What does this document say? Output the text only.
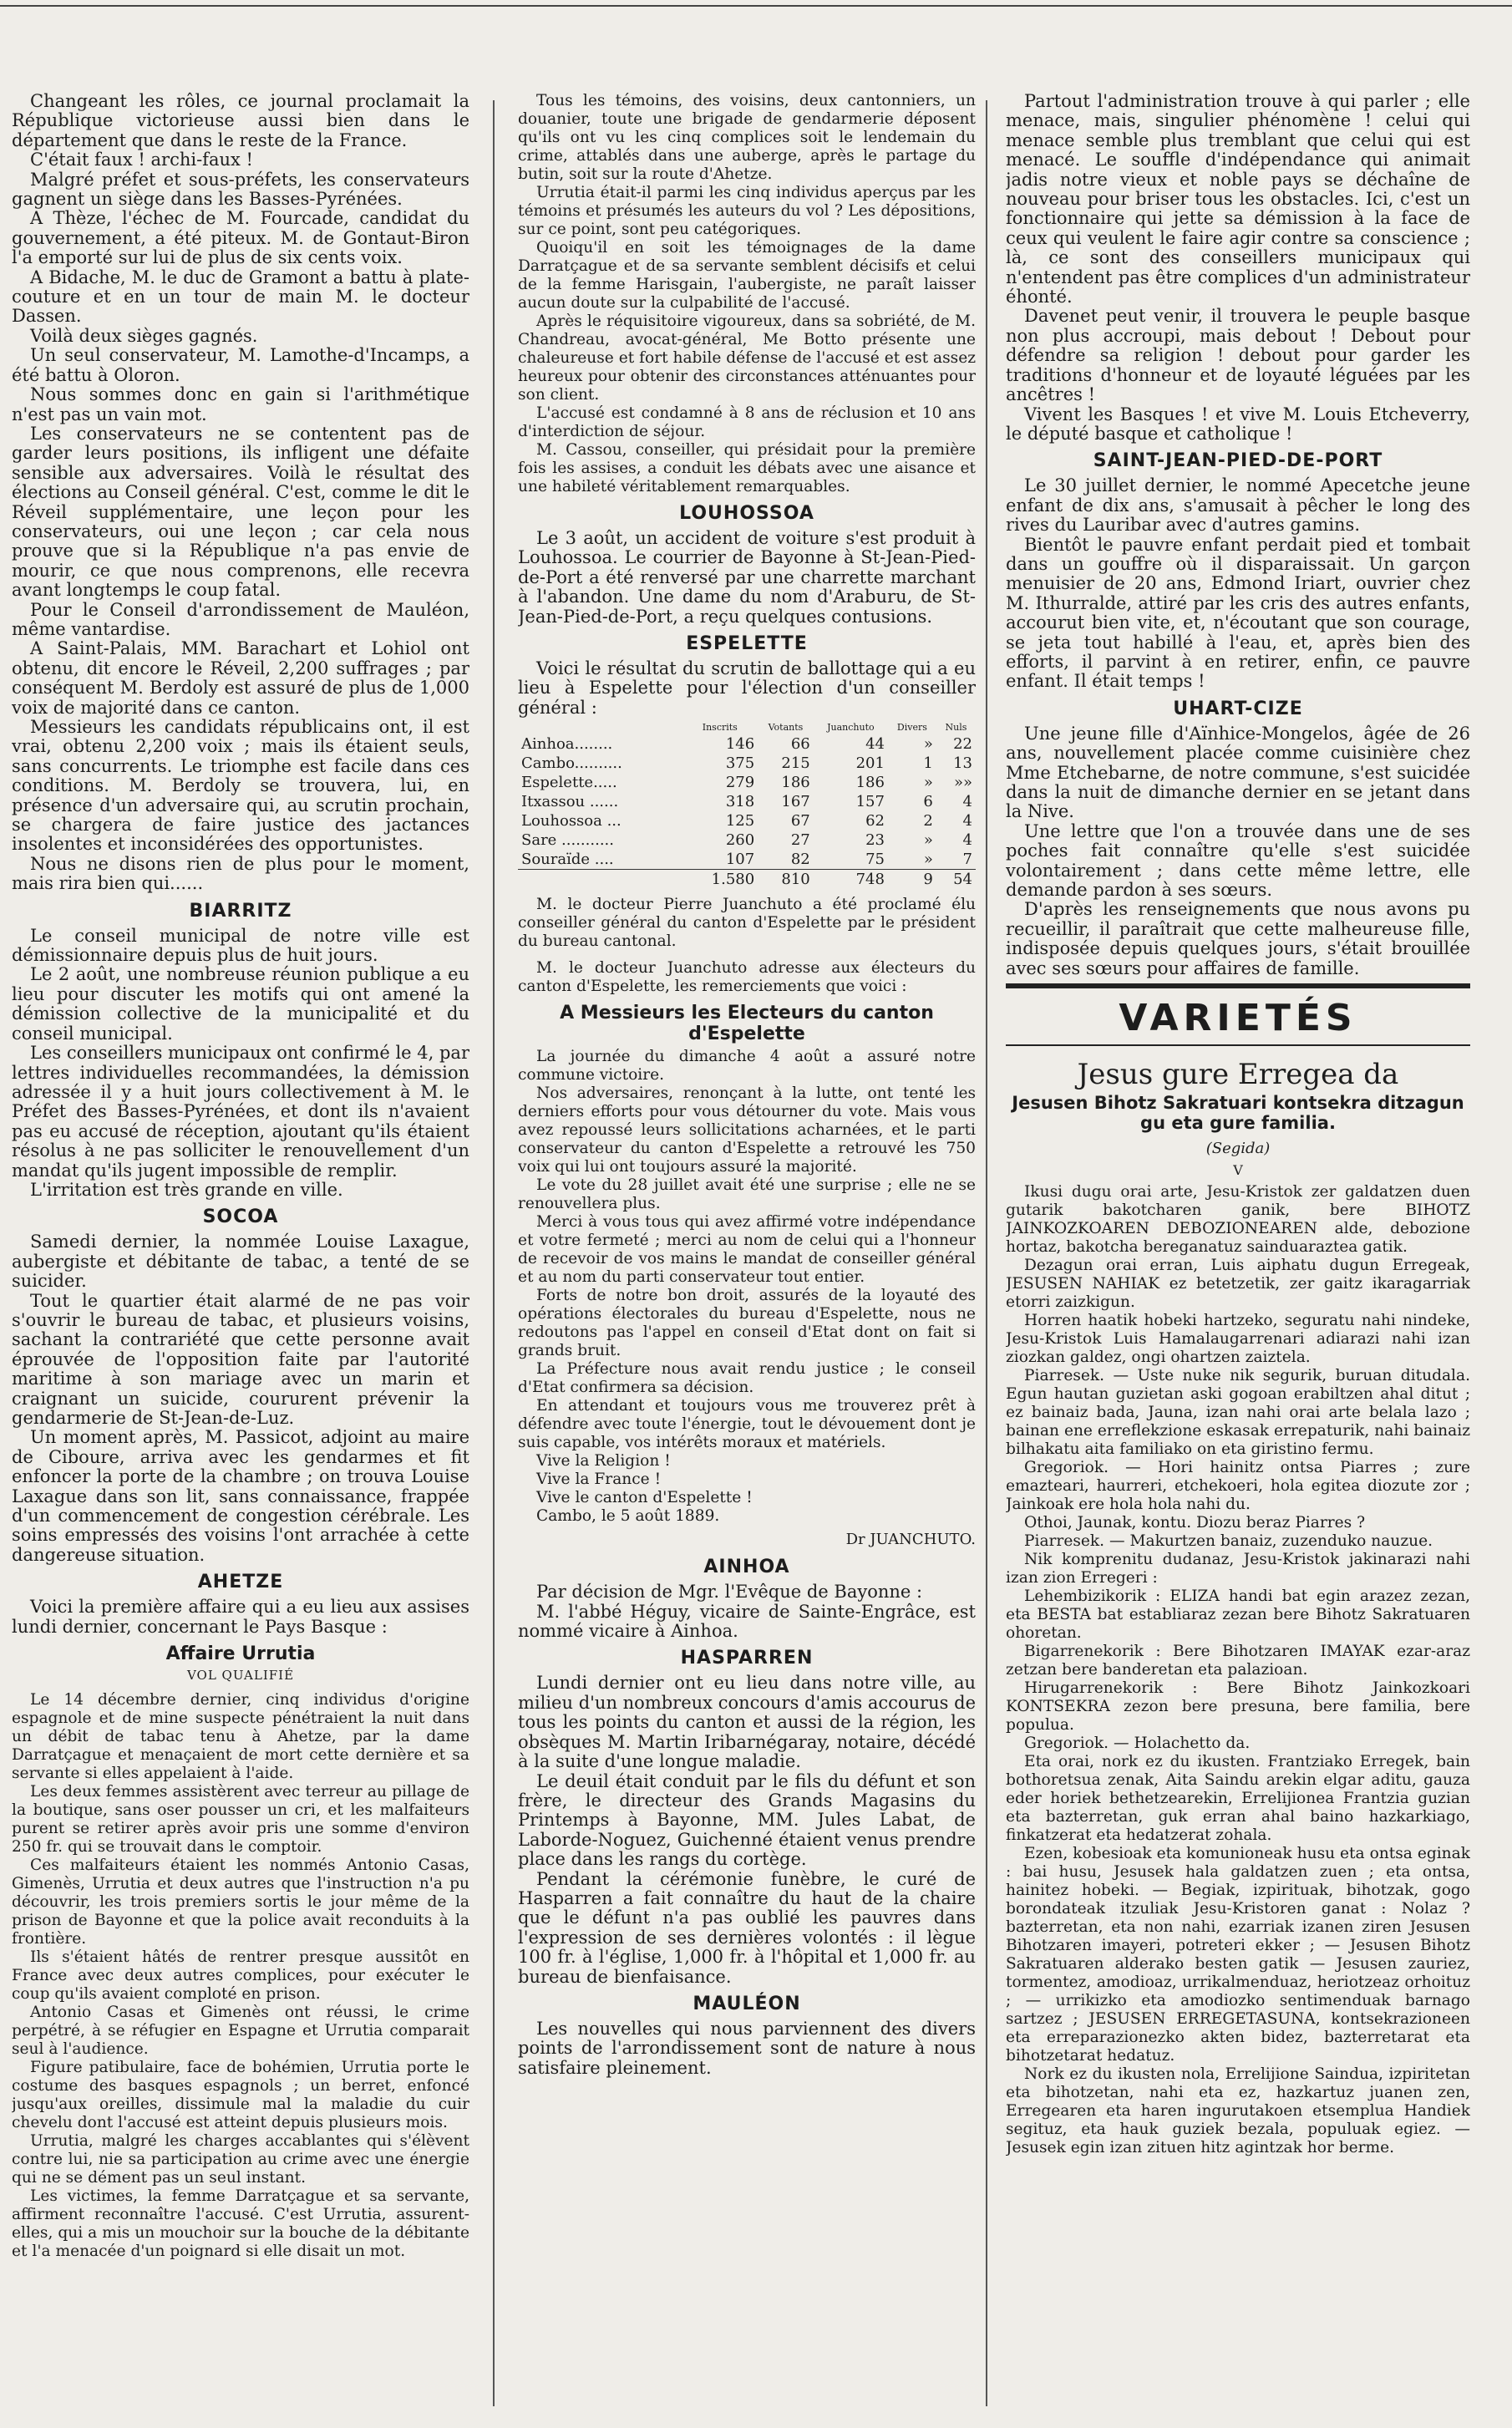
Changeant les rôles, ce journal proclamait la République victorieuse aussi bien dans le département que dans le reste de la France.

C'était faux ! archi-faux !

Malgré préfet et sous-préfets, les conservateurs gagnent un siège dans les Basses-Pyrénées.

A Thèze, l'échec de M. Fourcade, candidat du gouvernement, a été piteux. M. de Gontaut-Biron l'a emporté sur lui de plus de six cents voix.

A Bidache, M. le duc de Gramont a battu à plate-couture et en un tour de main M. le docteur Dassen.

Voilà deux sièges gagnés.

Un seul conservateur, M. Lamothe-d'Incamps, a été battu à Oloron.

Nous sommes donc en gain si l'arithmétique n'est pas un vain mot.

Les conservateurs ne se contentent pas de garder leurs positions, ils infligent une défaite sensible aux adversaires. Voilà le résultat des élections au Conseil général. C'est, comme le dit le Réveil supplémentaire, une leçon pour les conservateurs, oui une leçon ; car cela nous prouve que si la République n'a pas envie de mourir, ce que nous comprenons, elle recevra avant longtemps le coup fatal.

Pour le Conseil d'arrondissement de Mauléon, même vantardise.

A Saint-Palais, MM. Barachart et Lohiol ont obtenu, dit encore le Réveil, 2,200 suffrages ; par conséquent M. Berdoly est assuré de plus de 1,000 voix de majorité dans ce canton.

Messieurs les candidats républicains ont, il est vrai, obtenu 2,200 voix ; mais ils étaient seuls, sans concurrents. Le triomphe est facile dans ces conditions. M. Berdoly se trouvera, lui, en présence d'un adversaire qui, au scrutin prochain, se chargera de faire justice des jactances insolentes et inconsidérées des opportunistes.

Nous ne disons rien de plus pour le moment, mais rira bien qui......

BIARRITZ

Le conseil municipal de notre ville est démissionnaire depuis plus de huit jours.

Le 2 août, une nombreuse réunion publique a eu lieu pour discuter les motifs qui ont amené la démission collective de la municipalité et du conseil municipal.

Les conseillers municipaux ont confirmé le 4, par lettres individuelles recommandées, la démission adressée il y a huit jours collectivement à M. le Préfet des Basses-Pyrénées, et dont ils n'avaient pas eu accusé de réception, ajoutant qu'ils étaient résolus à ne pas solliciter le renouvellement d'un mandat qu'ils jugent impossible de remplir.

L'irritation est très grande en ville.

SOCOA

Samedi dernier, la nommée Louise Laxague, aubergiste et débitante de tabac, a tenté de se suicider.

Tout le quartier était alarmé de ne pas voir s'ouvrir le bureau de tabac, et plusieurs voisins, sachant la contrariété que cette personne avait éprouvée de l'opposition faite par l'autorité maritime à son mariage avec un marin et craignant un suicide, coururent prévenir la gendarmerie de St-Jean-de-Luz.

Un moment après, M. Passicot, adjoint au maire de Ciboure, arriva avec les gendarmes et fit enfoncer la porte de la chambre ; on trouva Louise Laxague dans son lit, sans connaissance, frappée d'un commencement de congestion cérébrale. Les soins empressés des voisins l'ont arrachée à cette dangereuse situation.

AHETZE

Voici la première affaire qui a eu lieu aux assises lundi dernier, concernant le Pays Basque :

Affaire Urrutia
VOL QUALIFIÉ

Le 14 décembre dernier, cinq individus d'origine espagnole et de mine suspecte pénétraient la nuit dans un débit de tabac tenu à Ahetze, par la dame Darratçague et menaçaient de mort cette dernière et sa servante si elles appelaient à l'aide.

Les deux femmes assistèrent avec terreur au pillage de la boutique, sans oser pousser un cri, et les malfaiteurs purent se retirer après avoir pris une somme d'environ 250 fr. qui se trouvait dans le comptoir.

Ces malfaiteurs étaient les nommés Antonio Casas, Gimenès, Urrutia et deux autres que l'instruction n'a pu découvrir, les trois premiers sortis le jour même de la prison de Bayonne et que la police avait reconduits à la frontière.

Ils s'étaient hâtés de rentrer presque aussitôt en France avec deux autres complices, pour exécuter le coup qu'ils avaient comploté en prison.

Antonio Casas et Gimenès ont réussi, le crime perpétré, à se réfugier en Espagne et Urrutia comparait seul à l'audience.

Figure patibulaire, face de bohémien, Urrutia porte le costume des basques espagnols ; un berret, enfoncé jusqu'aux oreilles, dissimule mal la maladie du cuir chevelu dont l'accusé est atteint depuis plusieurs mois.

Urrutia, malgré les charges accablantes qui s'élèvent contre lui, nie sa participation au crime avec une énergie qui ne se dément pas un seul instant.

Les victimes, la femme Darratçague et sa servante, affirment reconnaître l'accusé. C'est Urrutia, assurent-elles, qui a mis un mouchoir sur la bouche de la débitante et l'a menacée d'un poignard si elle disait un mot.

Tous les témoins, des voisins, deux cantonniers, un douanier, toute une brigade de gendarmerie déposent qu'ils ont vu les cinq complices soit le lendemain du crime, attablés dans une auberge, après le partage du butin, soit sur la route d'Ahetze.

Urrutia était-il parmi les cinq individus aperçus par les témoins et présumés les auteurs du vol ? Les dépositions, sur ce point, sont peu catégoriques.

Quoiqu'il en soit les témoignages de la dame Darratçague et de sa servante semblent décisifs et celui de la femme Harisgain, l'aubergiste, ne paraît laisser aucun doute sur la culpabilité de l'accusé.

Après le réquisitoire vigoureux, dans sa sobriété, de M. Chandreau, avocat-général, Me Botto présente une chaleureuse et fort habile défense de l'accusé et est assez heureux pour obtenir des circonstances atténuantes pour son client.

L'accusé est condamné à 8 ans de réclusion et 10 ans d'interdiction de séjour.

M. Cassou, conseiller, qui présidait pour la première fois les assises, a conduit les débats avec une aisance et une habileté véritablement remarquables.

LOUHOSSOA

Le 3 août, un accident de voiture s'est produit à Louhossoa. Le courrier de Bayonne à St-Jean-Pied-de-Port a été renversé par une charrette marchant à l'abandon. Une dame du nom d'Araburu, de St-Jean-Pied-de-Port, a reçu quelques contusions.

ESPELETTE

Voici le résultat du scrutin de ballottage qui a eu lieu à Espelette pour l'élection d'un conseiller général :

	Inscrits	Votants	Juanchuto	Divers	Nuls
Ainhoa........	146	66	44	»	22
Cambo..........	375	215	201	1	13
Espelette.....	279	186	186	»	»»
Itxassou ......	318	167	157	6	4
Louhossoa ...	125	67	62	2	4
Sare ...........	260	27	23	»	4
Souraïde ....	107	82	75	»	7
	1.580	810	748	9	54

M. le docteur Pierre Juanchuto a été proclamé élu conseiller général du canton d'Espelette par le président du bureau cantonal.

M. le docteur Juanchuto adresse aux électeurs du canton d'Espelette, les remerciements que voici :

A Messieurs les Electeurs du canton d'Espelette

La journée du dimanche 4 août a assuré notre commune victoire.

Nos adversaires, renonçant à la lutte, ont tenté les derniers efforts pour vous détourner du vote. Mais vous avez repoussé leurs sollicitations acharnées, et le parti conservateur du canton d'Espelette a retrouvé les 750 voix qui lui ont toujours assuré la majorité.

Le vote du 28 juillet avait été une surprise ; elle ne se renouvellera plus.

Merci à vous tous qui avez affirmé votre indépendance et votre fermeté ; merci au nom de celui qui a l'honneur de recevoir de vos mains le mandat de conseiller général et au nom du parti conservateur tout entier.

Forts de notre bon droit, assurés de la loyauté des opérations électorales du bureau d'Espelette, nous ne redoutons pas l'appel en conseil d'Etat dont on fait si grands bruit.

La Préfecture nous avait rendu justice ; le conseil d'Etat confirmera sa décision.

En attendant et toujours vous me trouverez prêt à défendre avec toute l'énergie, tout le dévouement dont je suis capable, vos intérêts moraux et matériels.

Vive la Religion !

Vive la France !

Vive le canton d'Espelette !

Cambo, le 5 août 1889.

Dr JUANCHUTO.
AINHOA

Par décision de Mgr. l'Evêque de Bayonne :

M. l'abbé Héguy, vicaire de Sainte-Engrâce, est nommé vicaire à Ainhoa.

HASPARREN

Lundi dernier ont eu lieu dans notre ville, au milieu d'un nombreux concours d'amis accourus de tous les points du canton et aussi de la région, les obsèques M. Martin Iribarnégaray, notaire, décédé à la suite d'une longue maladie.

Le deuil était conduit par le fils du défunt et son frère, le directeur des Grands Magasins du Printemps à Bayonne, MM. Jules Labat, de Laborde-Noguez, Guichenné étaient venus prendre place dans les rangs du cortège.

Pendant la cérémonie funèbre, le curé de Hasparren a fait connaître du haut de la chaire que le défunt n'a pas oublié les pauvres dans l'expression de ses dernières volontés : il lègue 100 fr. à l'église, 1,000 fr. à l'hôpital et 1,000 fr. au bureau de bienfaisance.

MAULÉON

Les nouvelles qui nous parviennent des divers points de l'arrondissement sont de nature à nous satisfaire pleinement.

Partout l'administration trouve à qui parler ; elle menace, mais, singulier phénomène ! celui qui menace semble plus tremblant que celui qui est menacé. Le souffle d'indépendance qui animait jadis notre vieux et noble pays se déchaîne de nouveau pour briser tous les obstacles. Ici, c'est un fonctionnaire qui jette sa démission à la face de ceux qui veulent le faire agir contre sa conscience ; là, ce sont des conseillers municipaux qui n'entendent pas être complices d'un administrateur éhonté.

Davenet peut venir, il trouvera le peuple basque non plus accroupi, mais debout ! Debout pour défendre sa religion ! debout pour garder les traditions d'honneur et de loyauté léguées par les ancêtres !

Vivent les Basques ! et vive M. Louis Etcheverry, le député basque et catholique !

SAINT-JEAN-PIED-DE-PORT

Le 30 juillet dernier, le nommé Apecetche jeune enfant de dix ans, s'amusait à pêcher le long des rives du Lauribar avec d'autres gamins.

Bientôt le pauvre enfant perdait pied et tombait dans un gouffre où il disparaissait. Un garçon menuisier de 20 ans, Edmond Iriart, ouvrier chez M. Ithurralde, attiré par les cris des autres enfants, accourut bien vite, et, n'écoutant que son courage, se jeta tout habillé à l'eau, et, après bien des efforts, il parvint à en retirer, enfin, ce pauvre enfant. Il était temps !

UHART-CIZE

Une jeune fille d'Aïnhice-Mongelos, âgée de 26 ans, nouvellement placée comme cuisinière chez Mme Etchebarne, de notre commune, s'est suicidée dans la nuit de dimanche dernier en se jetant dans la Nive.

Une lettre que l'on a trouvée dans une de ses poches fait connaître qu'elle s'est suicidée volontairement ; dans cette même lettre, elle demande pardon à ses sœurs.

D'après les renseignements que nous avons pu recueillir, il paraîtrait que cette malheureuse fille, indisposée depuis quelques jours, s'était brouillée avec ses sœurs pour affaires de famille.

VARIETÉS
Jesus gure Erregea da
Jesusen Bihotz Sakratuari kontsekra ditzagun gu eta gure familia.
(Segida)
V

Ikusi dugu orai arte, Jesu-Kristok zer galdatzen duen gutarik bakotcharen ganik, bere BIHOTZ JAINKOZKOAREN DEBOZIONEAREN alde, debozione hortaz, bakotcha bereganatuz sainduaraztea gatik.

Dezagun orai erran, Luis aiphatu dugun Erregeak, JESUSEN NAHIAK ez betetzetik, zer gaitz ikaragarriak etorri zaizkigun.

Horren haatik hobeki hartzeko, seguratu nahi nindeke, Jesu-Kristok Luis Hamalaugarrenari adiarazi nahi izan ziozkan galdez, ongi ohartzen zaiztela.

Piarresek. — Uste nuke nik segurik, buruan ditudala. Egun hautan guzietan aski gogoan erabiltzen ahal ditut ; ez bainaiz bada, Jauna, izan nahi orai arte belala lazo ; bainan ene erreflekzione eskasak errepaturik, nahi bainaiz bilhakatu aita familiako on eta giristino fermu.

Gregoriok. — Hori hainitz ontsa Piarres ; zure emazteari, haurreri, etchekoeri, hola egitea diozute zor ; Jainkoak ere hola hola nahi du.

Othoi, Jaunak, kontu. Diozu beraz Piarres ?

Piarresek. — Makurtzen banaiz, zuzenduko nauzue.

Nik komprenitu dudanaz, Jesu-Kristok jakinarazi nahi izan zion Erregeri :

Lehembizikorik : ELIZA handi bat egin arazez zezan, eta BESTA bat establiaraz zezan bere Bihotz Sakratuaren ohoretan.

Bigarrenekorik : Bere Bihotzaren IMAYAK ezar-araz zetzan bere banderetan eta palazioan.

Hirugarrenekorik : Bere Bihotz Jainkozkoari KONTSEKRA zezon bere presuna, bere familia, bere populua.

Gregoriok. — Holachetto da.

Eta orai, nork ez du ikusten. Frantziako Erregek, bain bothoretsua zenak, Aita Saindu arekin elgar aditu, gauza eder horiek bethetzearekin, Errelijionea Frantzia guzian eta bazterretan, guk erran ahal baino hazkarkiago, finkatzerat eta hedatzerat zohala.

Ezen, kobesioak eta komunioneak husu eta ontsa eginak : bai husu, Jesusek hala galdatzen zuen ; eta ontsa, hainitez hobeki. — Begiak, izpirituak, bihotzak, gogo borondateak itzuliak Jesu-Kristoren ganat : Nolaz ? bazterretan, eta non nahi, ezarriak izanen ziren Jesusen Bihotzaren imayeri, potreteri ekker ; — Jesusen Bihotz Sakratuaren alderako besten gatik — Jesusen zauriez, tormentez, amodioaz, urrikalmenduaz, heriotzeaz orhoituz ; — urrikizko eta amodiozko sentimenduak barnago sartzez ; JESUSEN ERREGETASUNA, kontsekrazioneen eta erreparazionezko akten bidez, bazterretarat eta bihotzetarat hedatuz.

Nork ez du ikusten nola, Errelijione Saindua, izpiritetan eta bihotzetan, nahi eta ez, hazkartuz juanen zen, Erregearen eta haren ingurutakoen etsemplua Handiek segituz, eta hauk guziek bezala, populuak egiez. — Jesusek egin izan zituen hitz agintzak hor berme.
